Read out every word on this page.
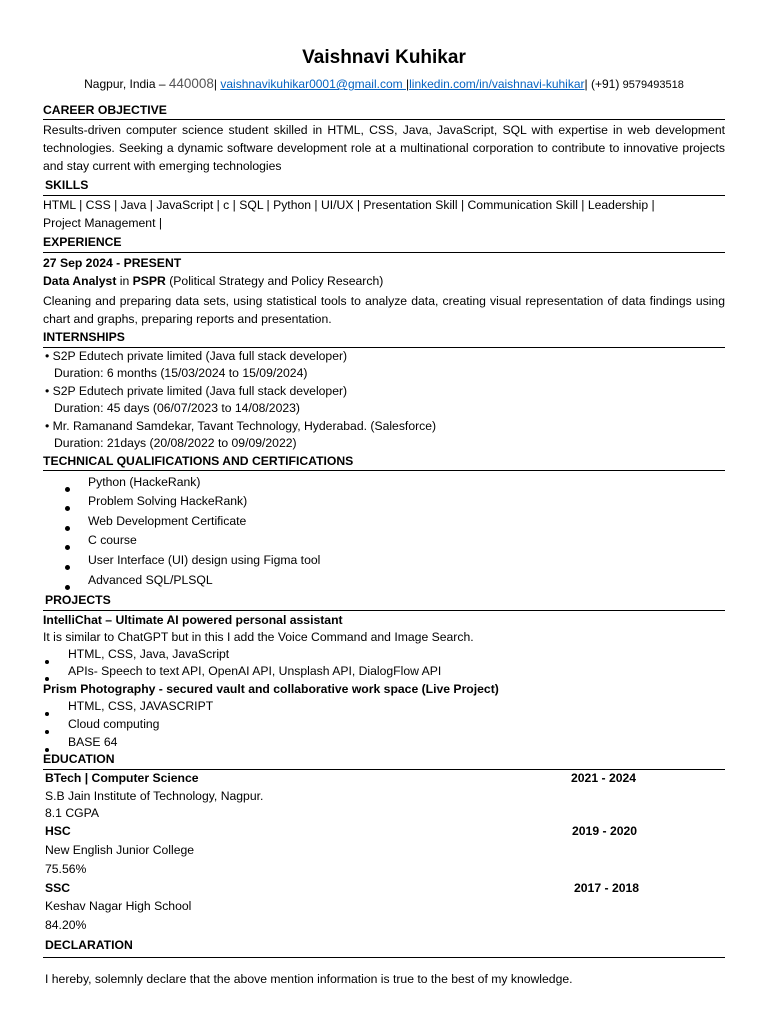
Vaishnavi Kuhikar
Nagpur, India – 440008| vaishnavikuhikar0001@gmail.com |linkedin.com/in/vaishnavi-kuhikar| (+91) 9579493518
CAREER OBJECTIVE
Results-driven computer science student skilled in HTML, CSS, Java, JavaScript, SQL with expertise in web development technologies. Seeking a dynamic software development role at a multinational corporation to contribute to innovative projects and stay current with emerging technologies
SKILLS
HTML | CSS | Java | JavaScript | c | SQL | Python | UI/UX | Presentation Skill | Communication Skill | Leadership |
Project Management |
EXPERIENCE
27 Sep 2024 - PRESENT
Data Analyst in PSPR (Political Strategy and Policy Research)
Cleaning and preparing data sets, using statistical tools to analyze data, creating visual representation of data findings using chart and graphs, preparing reports and presentation.
INTERNSHIPS
• S2P Edutech private limited (Java full stack developer)
Duration: 6 months (15/03/2024 to 15/09/2024)
• S2P Edutech private limited (Java full stack developer)
Duration: 45 days (06/07/2023 to 14/08/2023)
• Mr. Ramanand Samdekar, Tavant Technology, Hyderabad. (Salesforce)
Duration: 21days (20/08/2022 to 09/09/2022)
TECHNICAL QUALIFICATIONS AND CERTIFICATIONS
Python (HackeRank)
Problem Solving HackeRank)
Web Development Certificate
C course
User Interface (UI) design using Figma tool
Advanced SQL/PLSQL
PROJECTS
IntelliChat – Ultimate AI powered personal assistant
It is similar to ChatGPT but in this I add the Voice Command and Image Search.
HTML, CSS, Java, JavaScript
APIs- Speech to text API, OpenAI API, Unsplash API, DialogFlow API
Prism Photography - secured vault and collaborative work space (Live Project)
HTML, CSS, JAVASCRIPT
Cloud computing
BASE 64
EDUCATION
BTech | Computer Science	2021 - 2024
S.B Jain Institute of Technology, Nagpur.
8.1 CGPA
HSC	2019 - 2020
New English Junior College
75.56%
SSC	2017 - 2018
Keshav Nagar High School
84.20%
DECLARATION
I hereby, solemnly declare that the above mention information is true to the best of my knowledge.
